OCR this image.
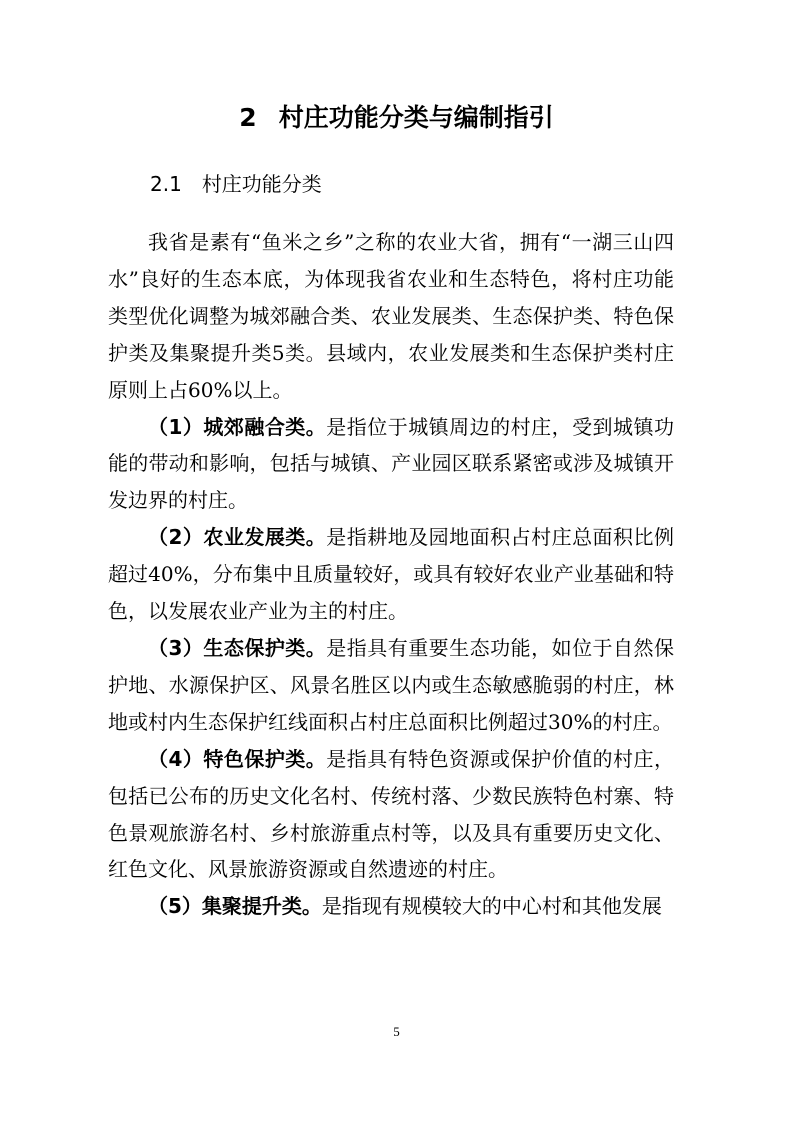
2 村庄功能分类与编制指引
2.1 村庄功能分类

我省是素有“鱼米之乡”之称的农业大省，拥有“一湖三山四水”良好的生态本底，为体现我省农业和生态特色，将村庄功能类型优化调整为城郊融合类、农业发展类、生态保护类、特色保护类及集聚提升类5类。县域内，农业发展类和生态保护类村庄原则上占60%以上。

（1）城郊融合类。是指位于城镇周边的村庄，受到城镇功能的带动和影响，包括与城镇、产业园区联系紧密或涉及城镇开发边界的村庄。

（2）农业发展类。是指耕地及园地面积占村庄总面积比例超过40%，分布集中且质量较好，或具有较好农业产业基础和特色，以发展农业产业为主的村庄。

（3）生态保护类。是指具有重要生态功能，如位于自然保护地、水源保护区、风景名胜区以内或生态敏感脆弱的村庄，林地或村内生态保护红线面积占村庄总面积比例超过30%的村庄。

（4）特色保护类。是指具有特色资源或保护价值的村庄，包括已公布的历史文化名村、传统村落、少数民族特色村寨、特色景观旅游名村、乡村旅游重点村等，以及具有重要历史文化、红色文化、风景旅游资源或自然遗迹的村庄。

（5）集聚提升类。是指现有规模较大的中心村和其他发展

5
